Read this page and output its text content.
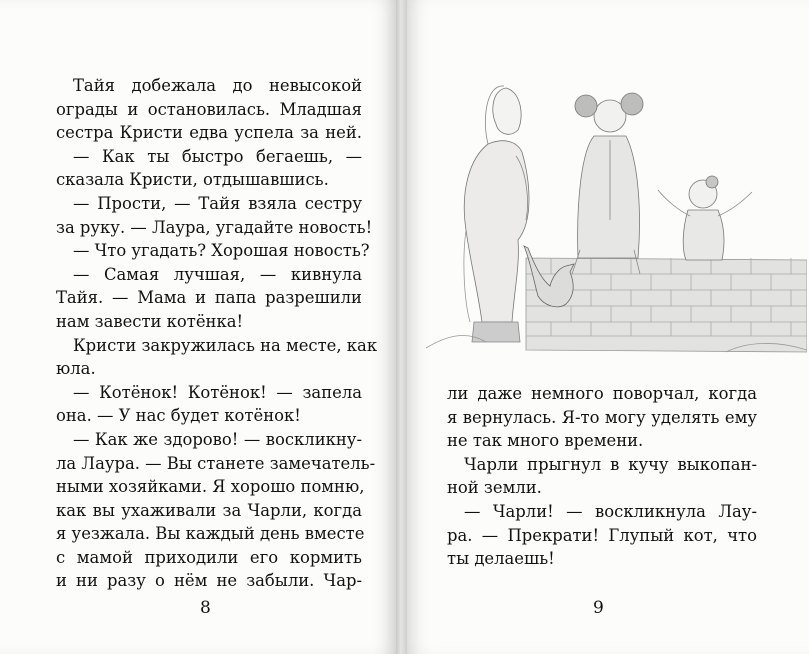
Тайя добежала до невысокой
ограды и остановилась. Младшая
сестра Кристи едва успела за ней.
— Как ты быстро бегаешь, —
сказала Кристи, отдышавшись.
— Прости, — Тайя взяла сестру
за руку. — Лаура, угадайте новость!
— Что угадать? Хорошая новость?
— Самая лучшая, — кивнула
Тайя. — Мама и папа разрешили
нам завести котёнка!
Кристи закружилась на месте, как
юла.
— Котёнок! Котёнок! — запела
она. — У нас будет котёнок!
— Как же здорово! — воскликну-
ла Лаура. — Вы станете замечатель-
ными хозяйками. Я хорошо помню,
как вы ухаживали за Чарли, когда
я уезжала. Вы каждый день вместе
с мамой приходили его кормить
и ни разу о нём не забыли. Чар-
ли даже немного поворчал, когда
я вернулась. Я-то могу уделять ему
не так много времени.
Чарли прыгнул в кучу выкопан-
ной земли.
— Чарли! — воскликнула Лау-
ра. — Прекрати! Глупый кот, что
ты делаешь!
8	9
